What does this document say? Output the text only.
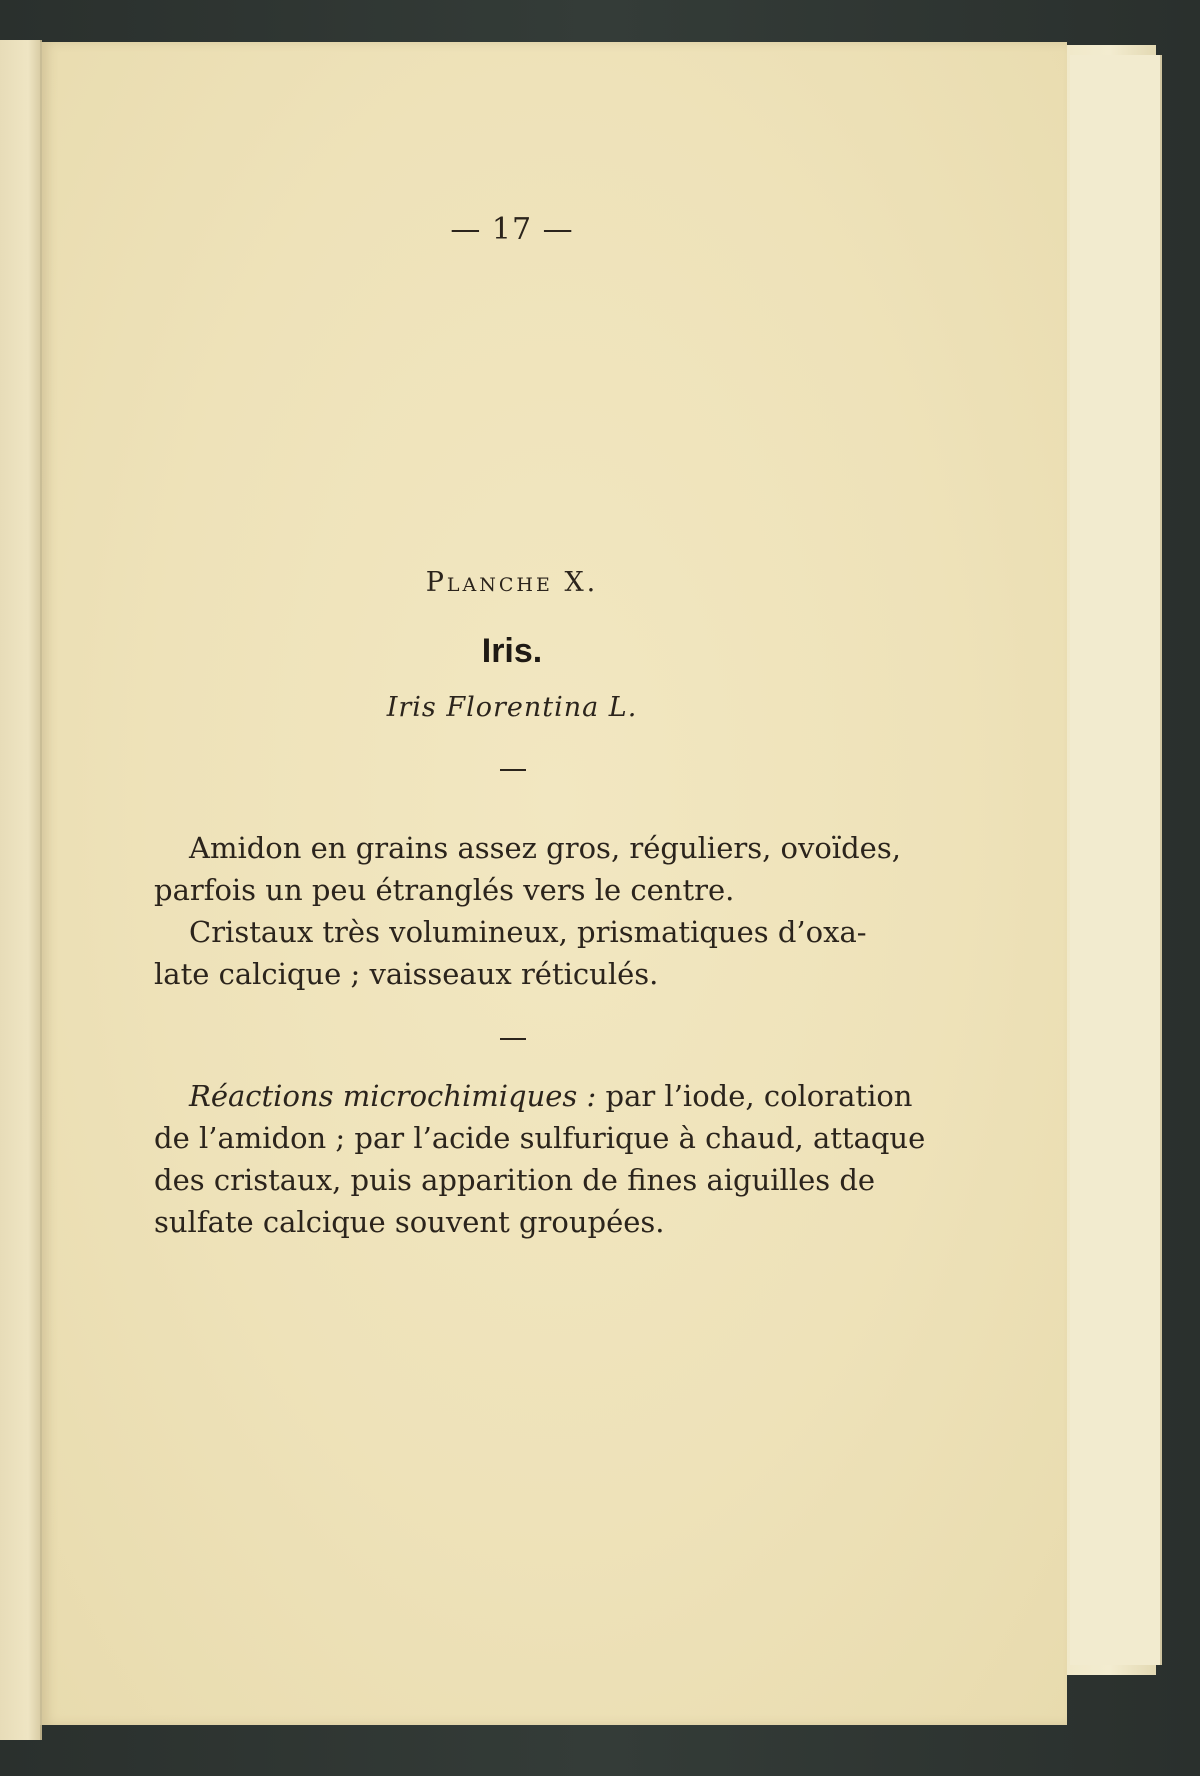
— 17 —
Planche X.
Iris.
Iris Florentina L.
Amidon en grains assez gros, réguliers, ovoïdes,
parfois un peu étranglés vers le centre.
Cristaux très volumineux, prismatiques d’oxa-
late calcique ; vaisseaux réticulés.
Réactions microchimiques : par l’iode, coloration
de l’amidon ; par l’acide sulfurique à chaud, attaque
des cristaux, puis apparition de fines aiguilles de
sulfate calcique souvent groupées.
